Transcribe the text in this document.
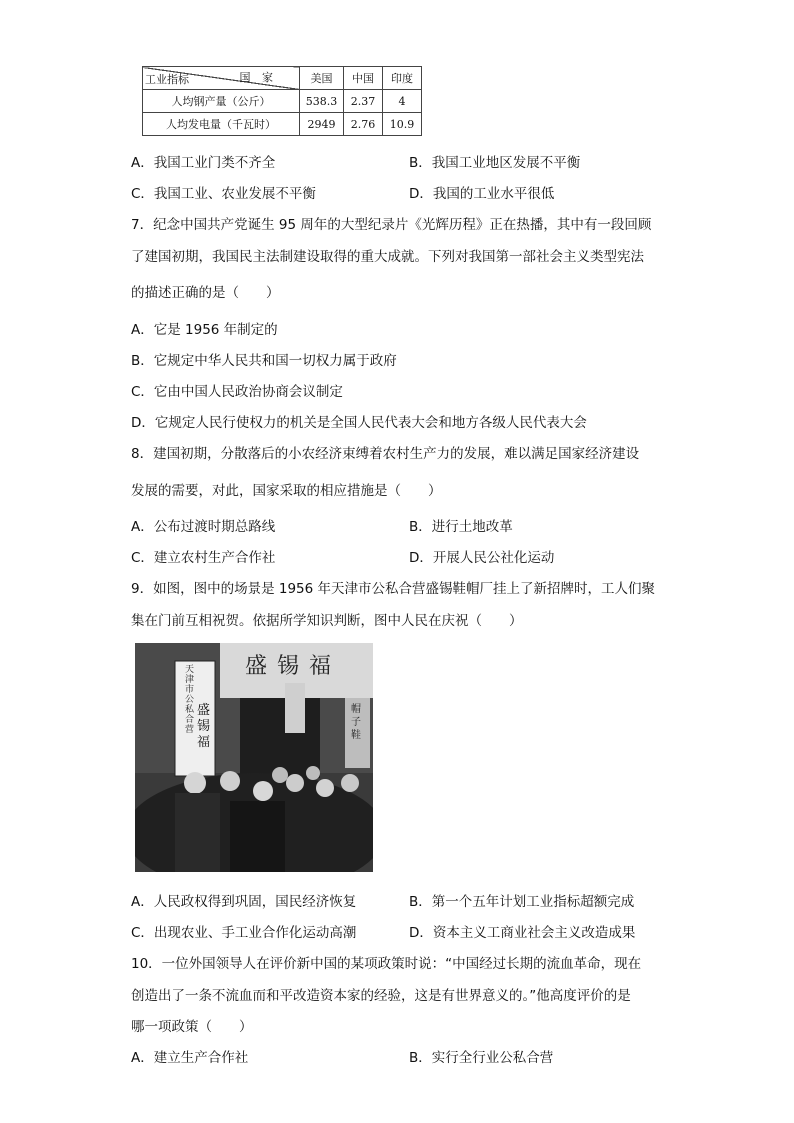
国 家
工业指标	美国	中国	印度
人均钢产量（公斤）	538.3	2.37	4
人均发电量（千瓦时）	2949	2.76	10.9
A．我国工业门类不齐全	B．我国工业地区发展不平衡
C．我国工业、农业发展不平衡	D．我国的工业水平很低
7．纪念中国共产党诞生 95 周年的大型纪录片《光辉历程》正在热播，其中有一段回顾
了建国初期，我国民主法制建设取得的重大成就。下列对我国第一部社会主义类型宪法
的描述正确的是（　　）
A．它是 1956 年制定的
B．它规定中华人民共和国一切权力属于政府
C．它由中国人民政治协商会议制定
D．它规定人民行使权力的机关是全国人民代表大会和地方各级人民代表大会
8．建国初期，分散落后的小农经济束缚着农村生产力的发展，难以满足国家经济建设
发展的需要，对此，国家采取的相应措施是（　　）
A．公布过渡时期总路线	B．进行土地改革
C．建立农村生产合作社	D．开展人民公社化运动
9．如图，图中的场景是 1956 年天津市公私合营盛锡鞋帽厂挂上了新招牌时，工人们聚
集在门前互相祝贺。依据所学知识判断，图中人民在庆祝（　　）
天津市公私合营
盛锡福
盛锡福
帽子鞋
A．人民政权得到巩固，国民经济恢复	B．第一个五年计划工业指标超额完成
C．出现农业、手工业合作化运动高潮	D．资本主义工商业社会主义改造成果
10．一位外国领导人在评价新中国的某项政策时说：“中国经过长期的流血革命，现在
创造出了一条不流血而和平改造资本家的经验，这是有世界意义的。”他高度评价的是
哪一项政策（　　）
A．建立生产合作社	B．实行全行业公私合营
